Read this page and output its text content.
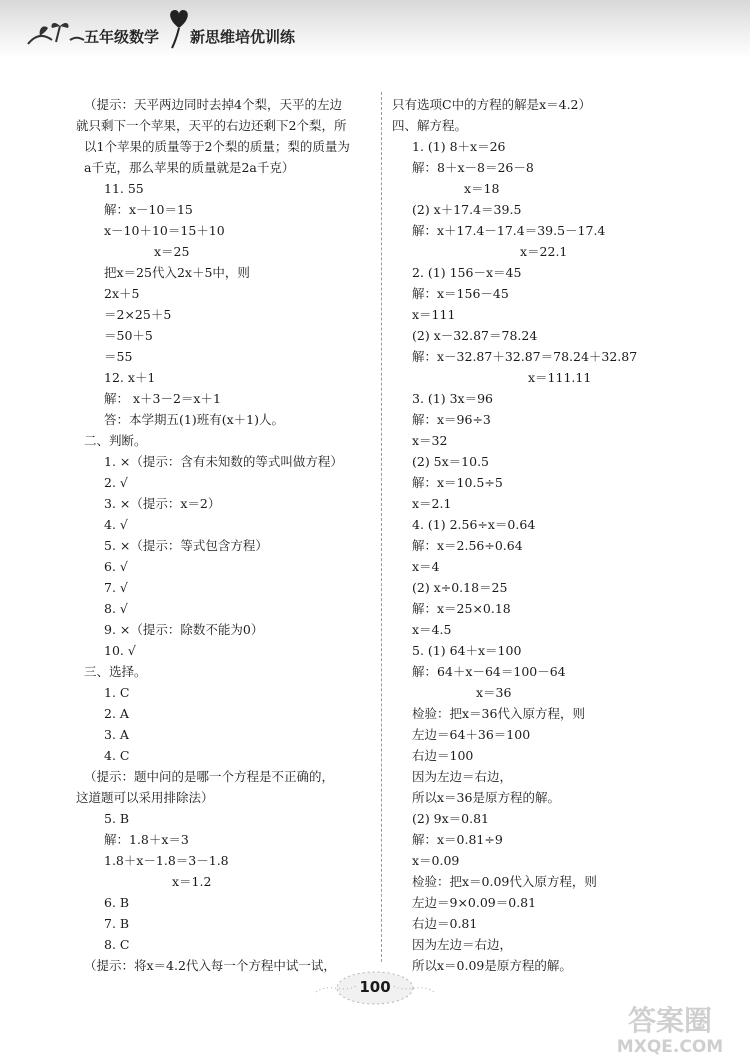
五年级数学 新思维培优训练
（提示：天平两边同时去掉4个梨，天平的左边
就只剩下一个苹果，天平的右边还剩下2个梨，所
以1个苹果的质量等于2个梨的质量；梨的质量为
a千克，那么苹果的质量就是2a千克）
11. 55
解：x－10＝15
x－10＋10＝15＋10
x＝25
把x＝25代入2x＋5中，则
2x＋5
＝2×25＋5
＝50＋5
＝55
12. x＋1
解： x＋3－2＝x＋1
答：本学期五(1)班有(x＋1)人。
二、判断。
1. ×（提示：含有未知数的等式叫做方程）
2. √
3. ×（提示：x＝2）
4. √
5. ×（提示：等式包含方程）
6. √
7. √
8. √
9. ×（提示：除数不能为0）
10. √
三、选择。
1. C
2. A
3. A
4. C
（提示：题中问的是哪一个方程是不正确的，
这道题可以采用排除法）
5. B
解：1.8＋x＝3
1.8＋x－1.8＝3－1.8
x＝1.2
6. B
7. B
8. C
（提示：将x＝4.2代入每一个方程中试一试，
只有选项C中的方程的解是x＝4.2）
四、解方程。
1. (1) 8＋x＝26
解：8＋x－8＝26－8
x＝18
(2) x＋17.4＝39.5
解：x＋17.4－17.4＝39.5－17.4
x＝22.1
2. (1) 156－x＝45
解：x＝156－45
x＝111
(2) x－32.87＝78.24
解：x－32.87＋32.87＝78.24＋32.87
x＝111.11
3. (1) 3x＝96
解：x＝96÷3
x＝32
(2) 5x＝10.5
解：x＝10.5÷5
x＝2.1
4. (1) 2.56÷x＝0.64
解：x＝2.56÷0.64
x＝4
(2) x÷0.18＝25
解：x＝25×0.18
x＝4.5
5. (1) 64＋x＝100
解：64＋x－64＝100－64
x＝36
检验：把x＝36代入原方程，则
左边＝64＋36＝100
右边＝100
因为左边＝右边，
所以x＝36是原方程的解。
(2) 9x＝0.81
解：x＝0.81÷9
x＝0.09
检验：把x＝0.09代入原方程，则
左边＝9×0.09＝0.81
右边＝0.81
因为左边＝右边，
所以x＝0.09是原方程的解。
100
答案圈
MXQE.COM
